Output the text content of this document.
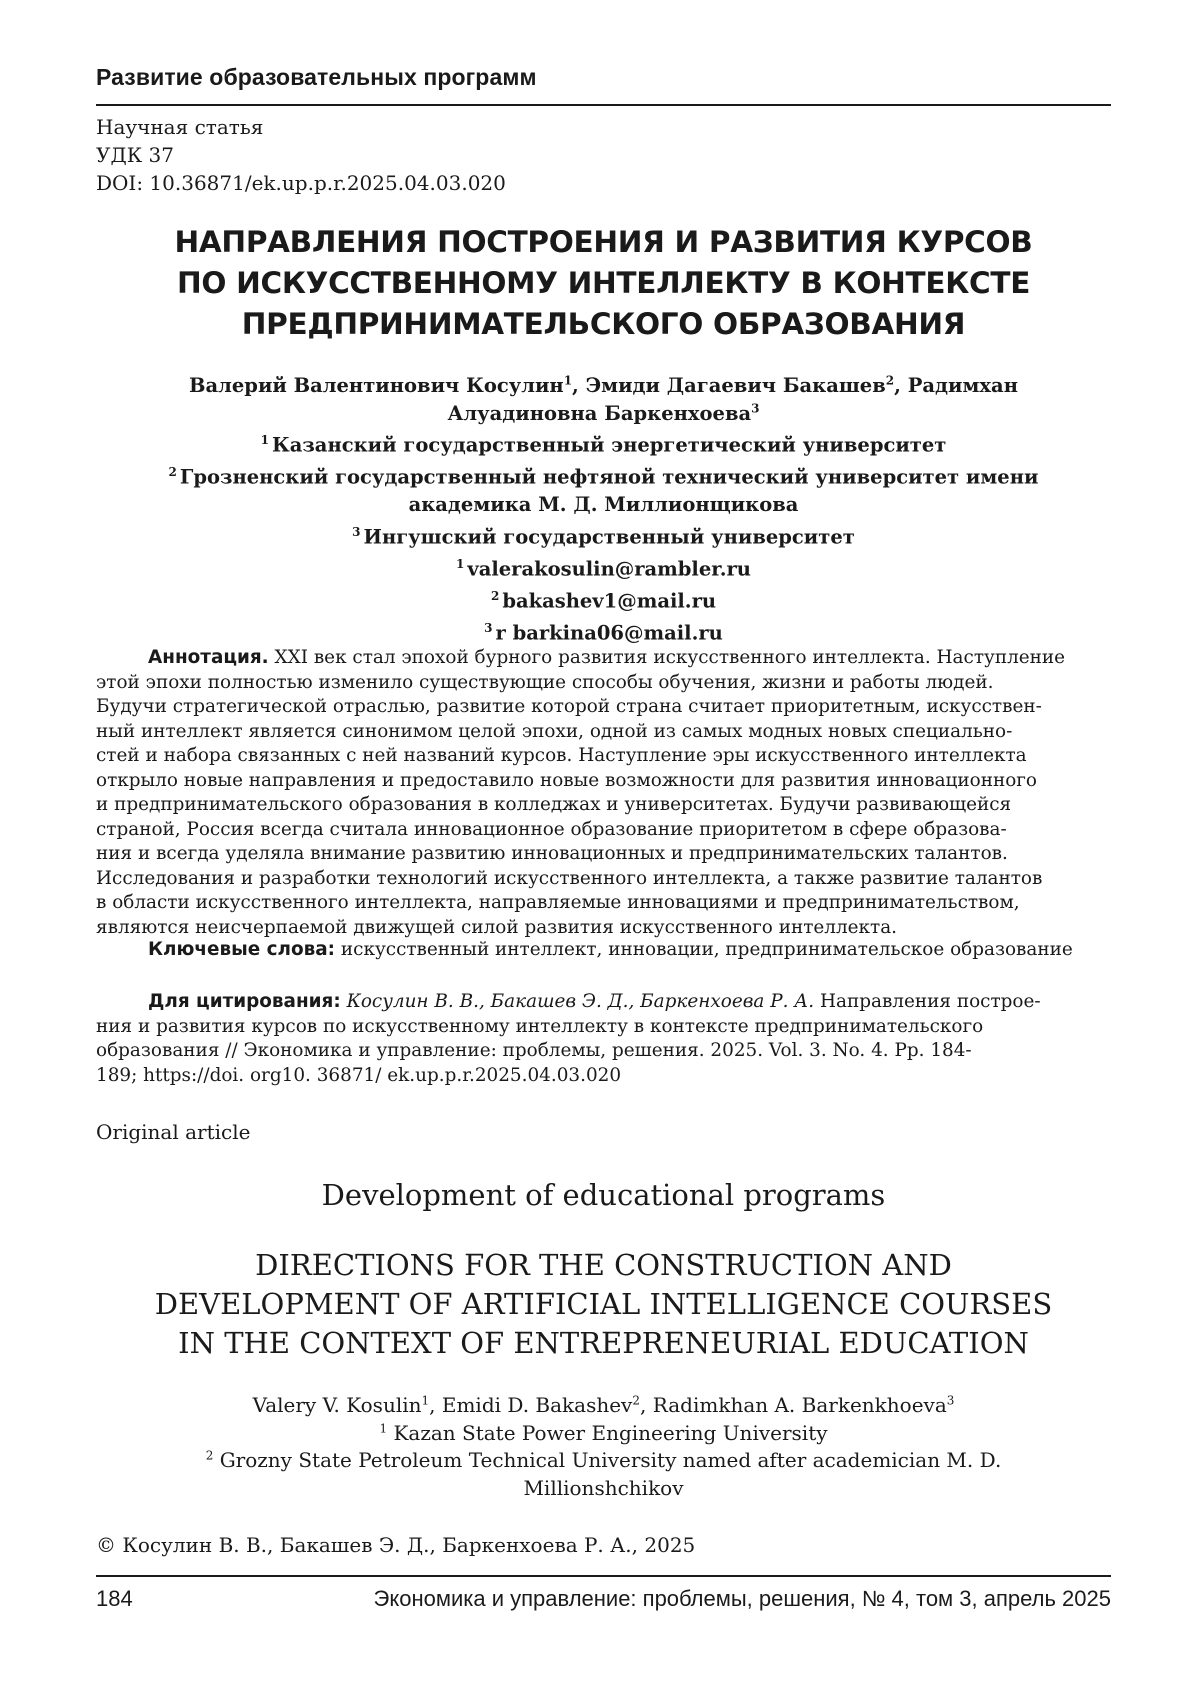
Развитие образовательных программ
Научная статья
УДК 37
DOI: 10.36871/ek.up.p.r.2025.04.03.020
НАПРАВЛЕНИЯ ПОСТРОЕНИЯ И РАЗВИТИЯ КУРСОВ
ПО ИСКУССТВЕННОМУ ИНТЕЛЛЕКТУ В КОНТЕКСТЕ
ПРЕДПРИНИМАТЕЛЬСКОГО ОБРАЗОВАНИЯ
Валерий Валентинович Косулин1, Эмиди Дагаевич Бакашев2, Радимхан
Алуадиновна Баркенхоева3
1 Казанский государственный энергетический университет
2 Грозненский государственный нефтяной технический университет имени
академика М. Д. Миллионщикова
3 Ингушский государственный университет
1 valerakosulin@rambler.ru
2 bakashev1@mail.ru
3 r barkina06@mail.ru
Аннотация. XXI век стал эпохой бурного развития искусственного интеллекта. Наступление
этой эпохи полностью изменило существующие способы обучения, жизни и работы людей.
Будучи стратегической отраслью, развитие которой страна считает приоритетным, искусствен-
ный интеллект является синонимом целой эпохи, одной из самых модных новых специально-
стей и набора связанных с ней названий курсов. Наступление эры искусственного интеллекта
открыло новые направления и предоставило новые возможности для развития инновационного
и предпринимательского образования в колледжах и университетах. Будучи развивающейся
страной, Россия всегда считала инновационное образование приоритетом в сфере образова-
ния и всегда уделяла внимание развитию инновационных и предпринимательских талантов.
Исследования и разработки технологий искусственного интеллекта, а также развитие талантов
в области искусственного интеллекта, направляемые инновациями и предпринимательством,
являются неисчерпаемой движущей силой развития искусственного интеллекта.
Ключевые слова: искусственный интеллект, инновации, предпринимательское образование
Для цитирования: Косулин В. В., Бакашев Э. Д., Баркенхоева Р. А. Направления построе-
ния и развития курсов по искусственному интеллекту в контексте предпринимательского
образования // Экономика и управление: проблемы, решения. 2025. Vol. 3. No. 4. Pp. 184-
189; https://doi. org10. 36871/ ek.up.p.r.2025.04.03.020
Original article
Development of educational programs
DIRECTIONS FOR THE CONSTRUCTION AND
DEVELOPMENT OF ARTIFICIAL INTELLIGENCE COURSES
IN THE CONTEXT OF ENTREPRENEURIAL EDUCATION
Valery V. Kosulin1, Emidi D. Bakashev2, Radimkhan A. Barkenkhoeva3
1 Kazan State Power Engineering University
2 Grozny State Petroleum Technical University named after academician M. D.
Millionshchikov
© Косулин В. В., Бакашев Э. Д., Баркенхоева Р. А., 2025
184	Экономика и управление: проблемы, решения, № 4, том 3, апрель 2025
